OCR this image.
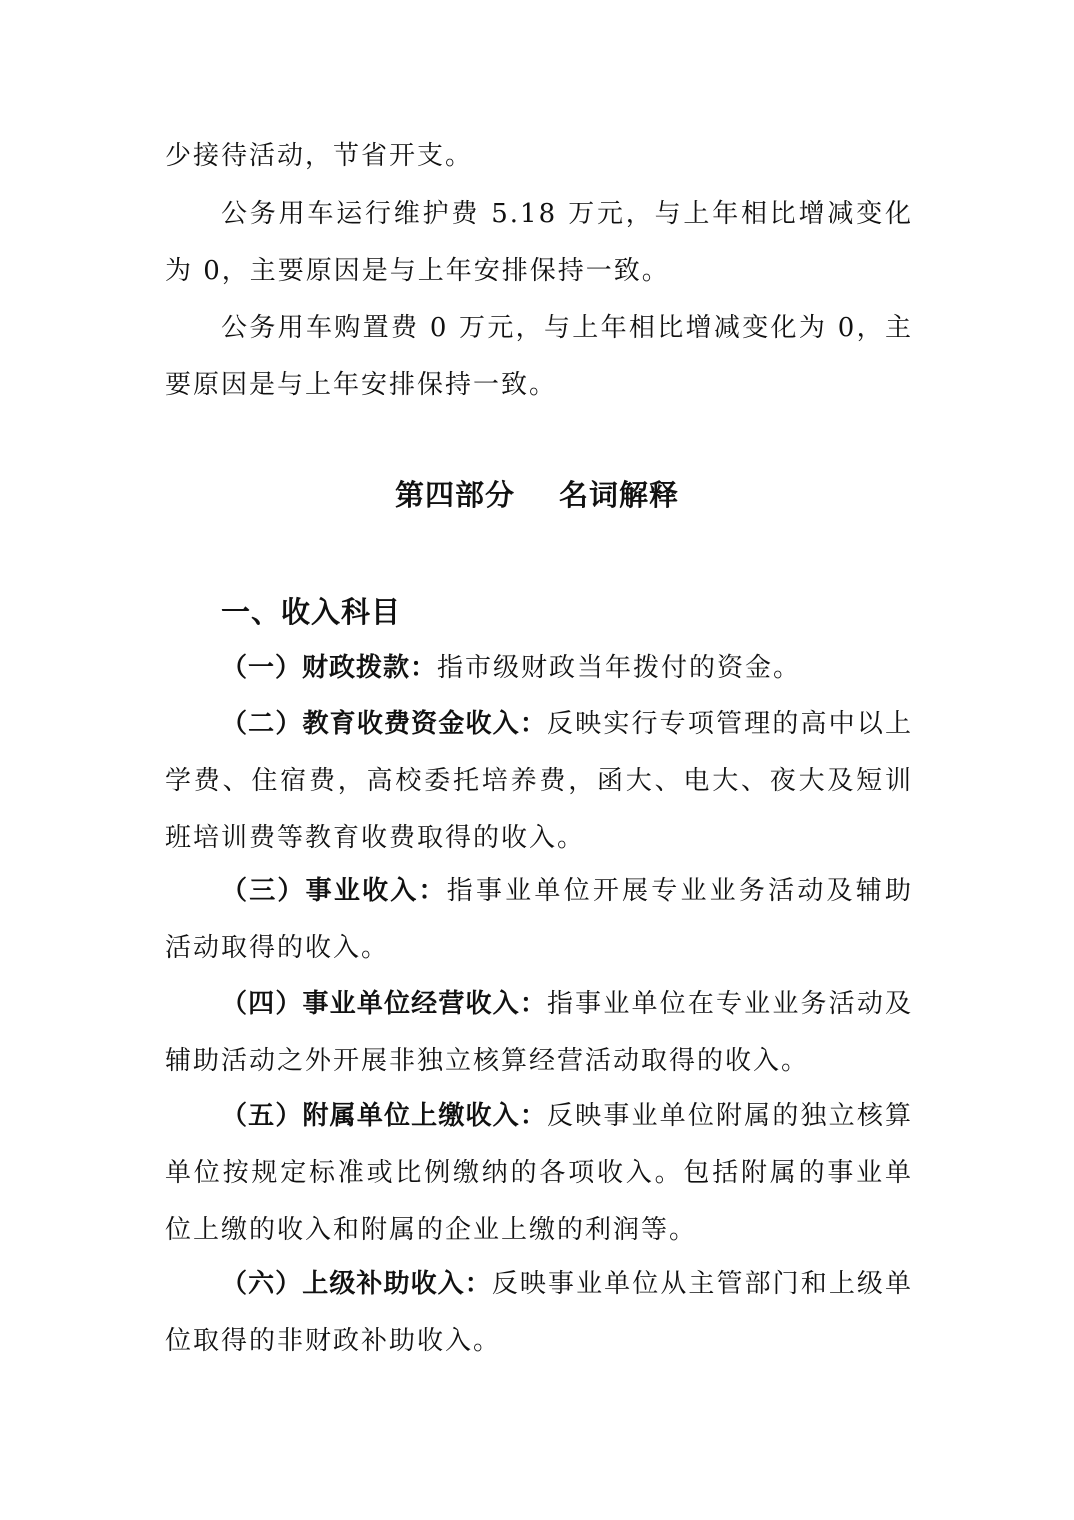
少接待活动，节省开支。

公务用车运行维护费 5.18 万元，与上年相比增减变化为 0，主要原因是与上年安排保持一致。

公务用车购置费 0 万元，与上年相比增减变化为 0，主要原因是与上年安排保持一致。

第四部分 名词解释
一、收入科目

（一）财政拨款：指市级财政当年拨付的资金。

（二）教育收费资金收入：反映实行专项管理的高中以上学费、住宿费，高校委托培养费，函大、电大、夜大及短训班培训费等教育收费取得的收入。

（三）事业收入：指事业单位开展专业业务活动及辅助活动取得的收入。

（四）事业单位经营收入：指事业单位在专业业务活动及辅助活动之外开展非独立核算经营活动取得的收入。

（五）附属单位上缴收入：反映事业单位附属的独立核算单位按规定标准或比例缴纳的各项收入。包括附属的事业单位上缴的收入和附属的企业上缴的利润等。

（六）上级补助收入：反映事业单位从主管部门和上级单位取得的非财政补助收入。
